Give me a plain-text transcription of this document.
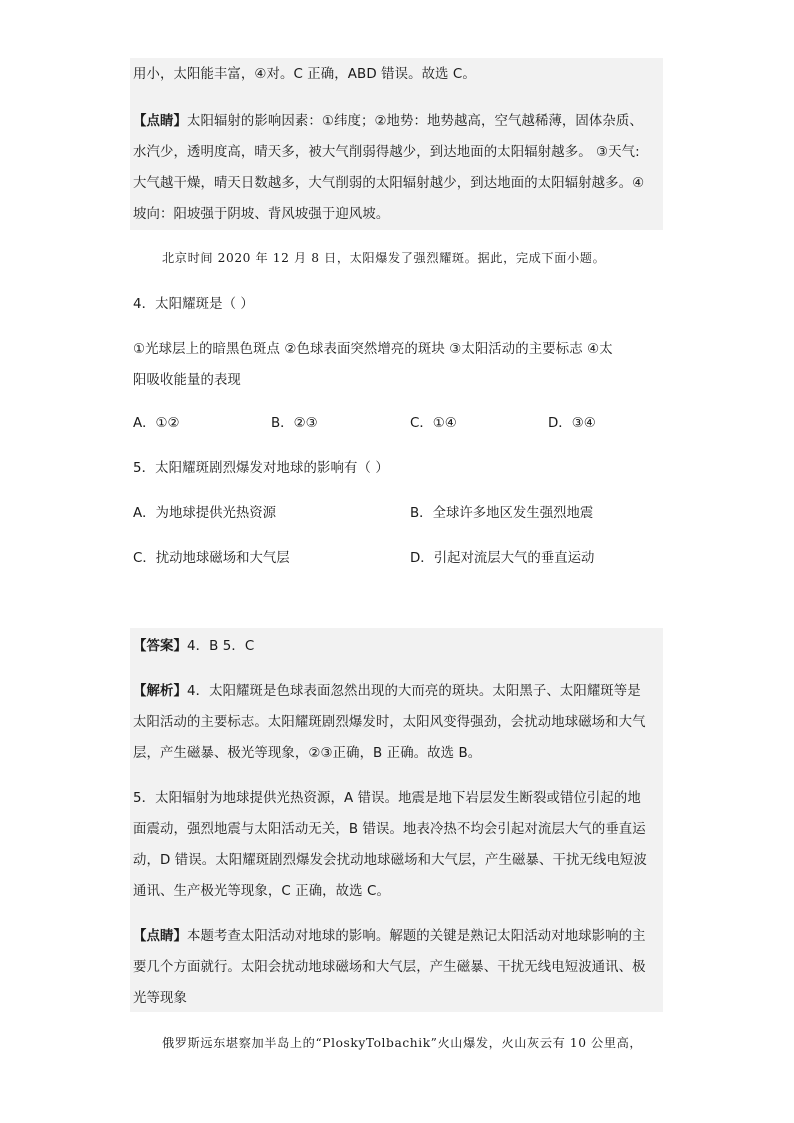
用小，太阳能丰富，④对。C 正确，ABD 错误。故选 C。
【点睛】太阳辐射的影响因素：①纬度；②地势：地势越高，空气越稀薄，固体杂质、
水汽少，透明度高，晴天多，被大气削弱得越少，到达地面的太阳辐射越多。 ③天气:
大气越干燥，晴天日数越多，大气削弱的太阳辐射越少，到达地面的太阳辐射越多。④
坡向：阳坡强于阴坡、背风坡强于迎风坡。
北京时间 2020 年 12 月 8 日，太阳爆发了强烈耀斑。据此，完成下面小题。
4．太阳耀斑是（ ）
①光球层上的暗黑色斑点 ②色球表面突然增亮的斑块 ③太阳活动的主要标志 ④太
阳吸收能量的表现
A．①②	B．②③	C．①④	D．③④
5．太阳耀斑剧烈爆发对地球的影响有（ ）
A．为地球提供光热资源	B．全球许多地区发生强烈地震
C．扰动地球磁场和大气层	D．引起对流层大气的垂直运动
【答案】4．B 5．C
【解析】4．太阳耀斑是色球表面忽然出现的大而亮的斑块。太阳黑子、太阳耀斑等是
太阳活动的主要标志。太阳耀斑剧烈爆发时，太阳风变得强劲，会扰动地球磁场和大气
层，产生磁暴、极光等现象，②③正确，B 正确。故选 B。
5．太阳辐射为地球提供光热资源，A 错误。地震是地下岩层发生断裂或错位引起的地
面震动，强烈地震与太阳活动无关，B 错误。地表冷热不均会引起对流层大气的垂直运
动，D 错误。太阳耀斑剧烈爆发会扰动地球磁场和大气层，产生磁暴、干扰无线电短波
通讯、生产极光等现象，C 正确，故选 C。
【点睛】本题考查太阳活动对地球的影响。解题的关键是熟记太阳活动对地球影响的主
要几个方面就行。太阳会扰动地球磁场和大气层，产生磁暴、干扰无线电短波通讯、极
光等现象
俄罗斯远东堪察加半岛上的“PloskyTolbachik”火山爆发，火山灰云有 10 公里高，
